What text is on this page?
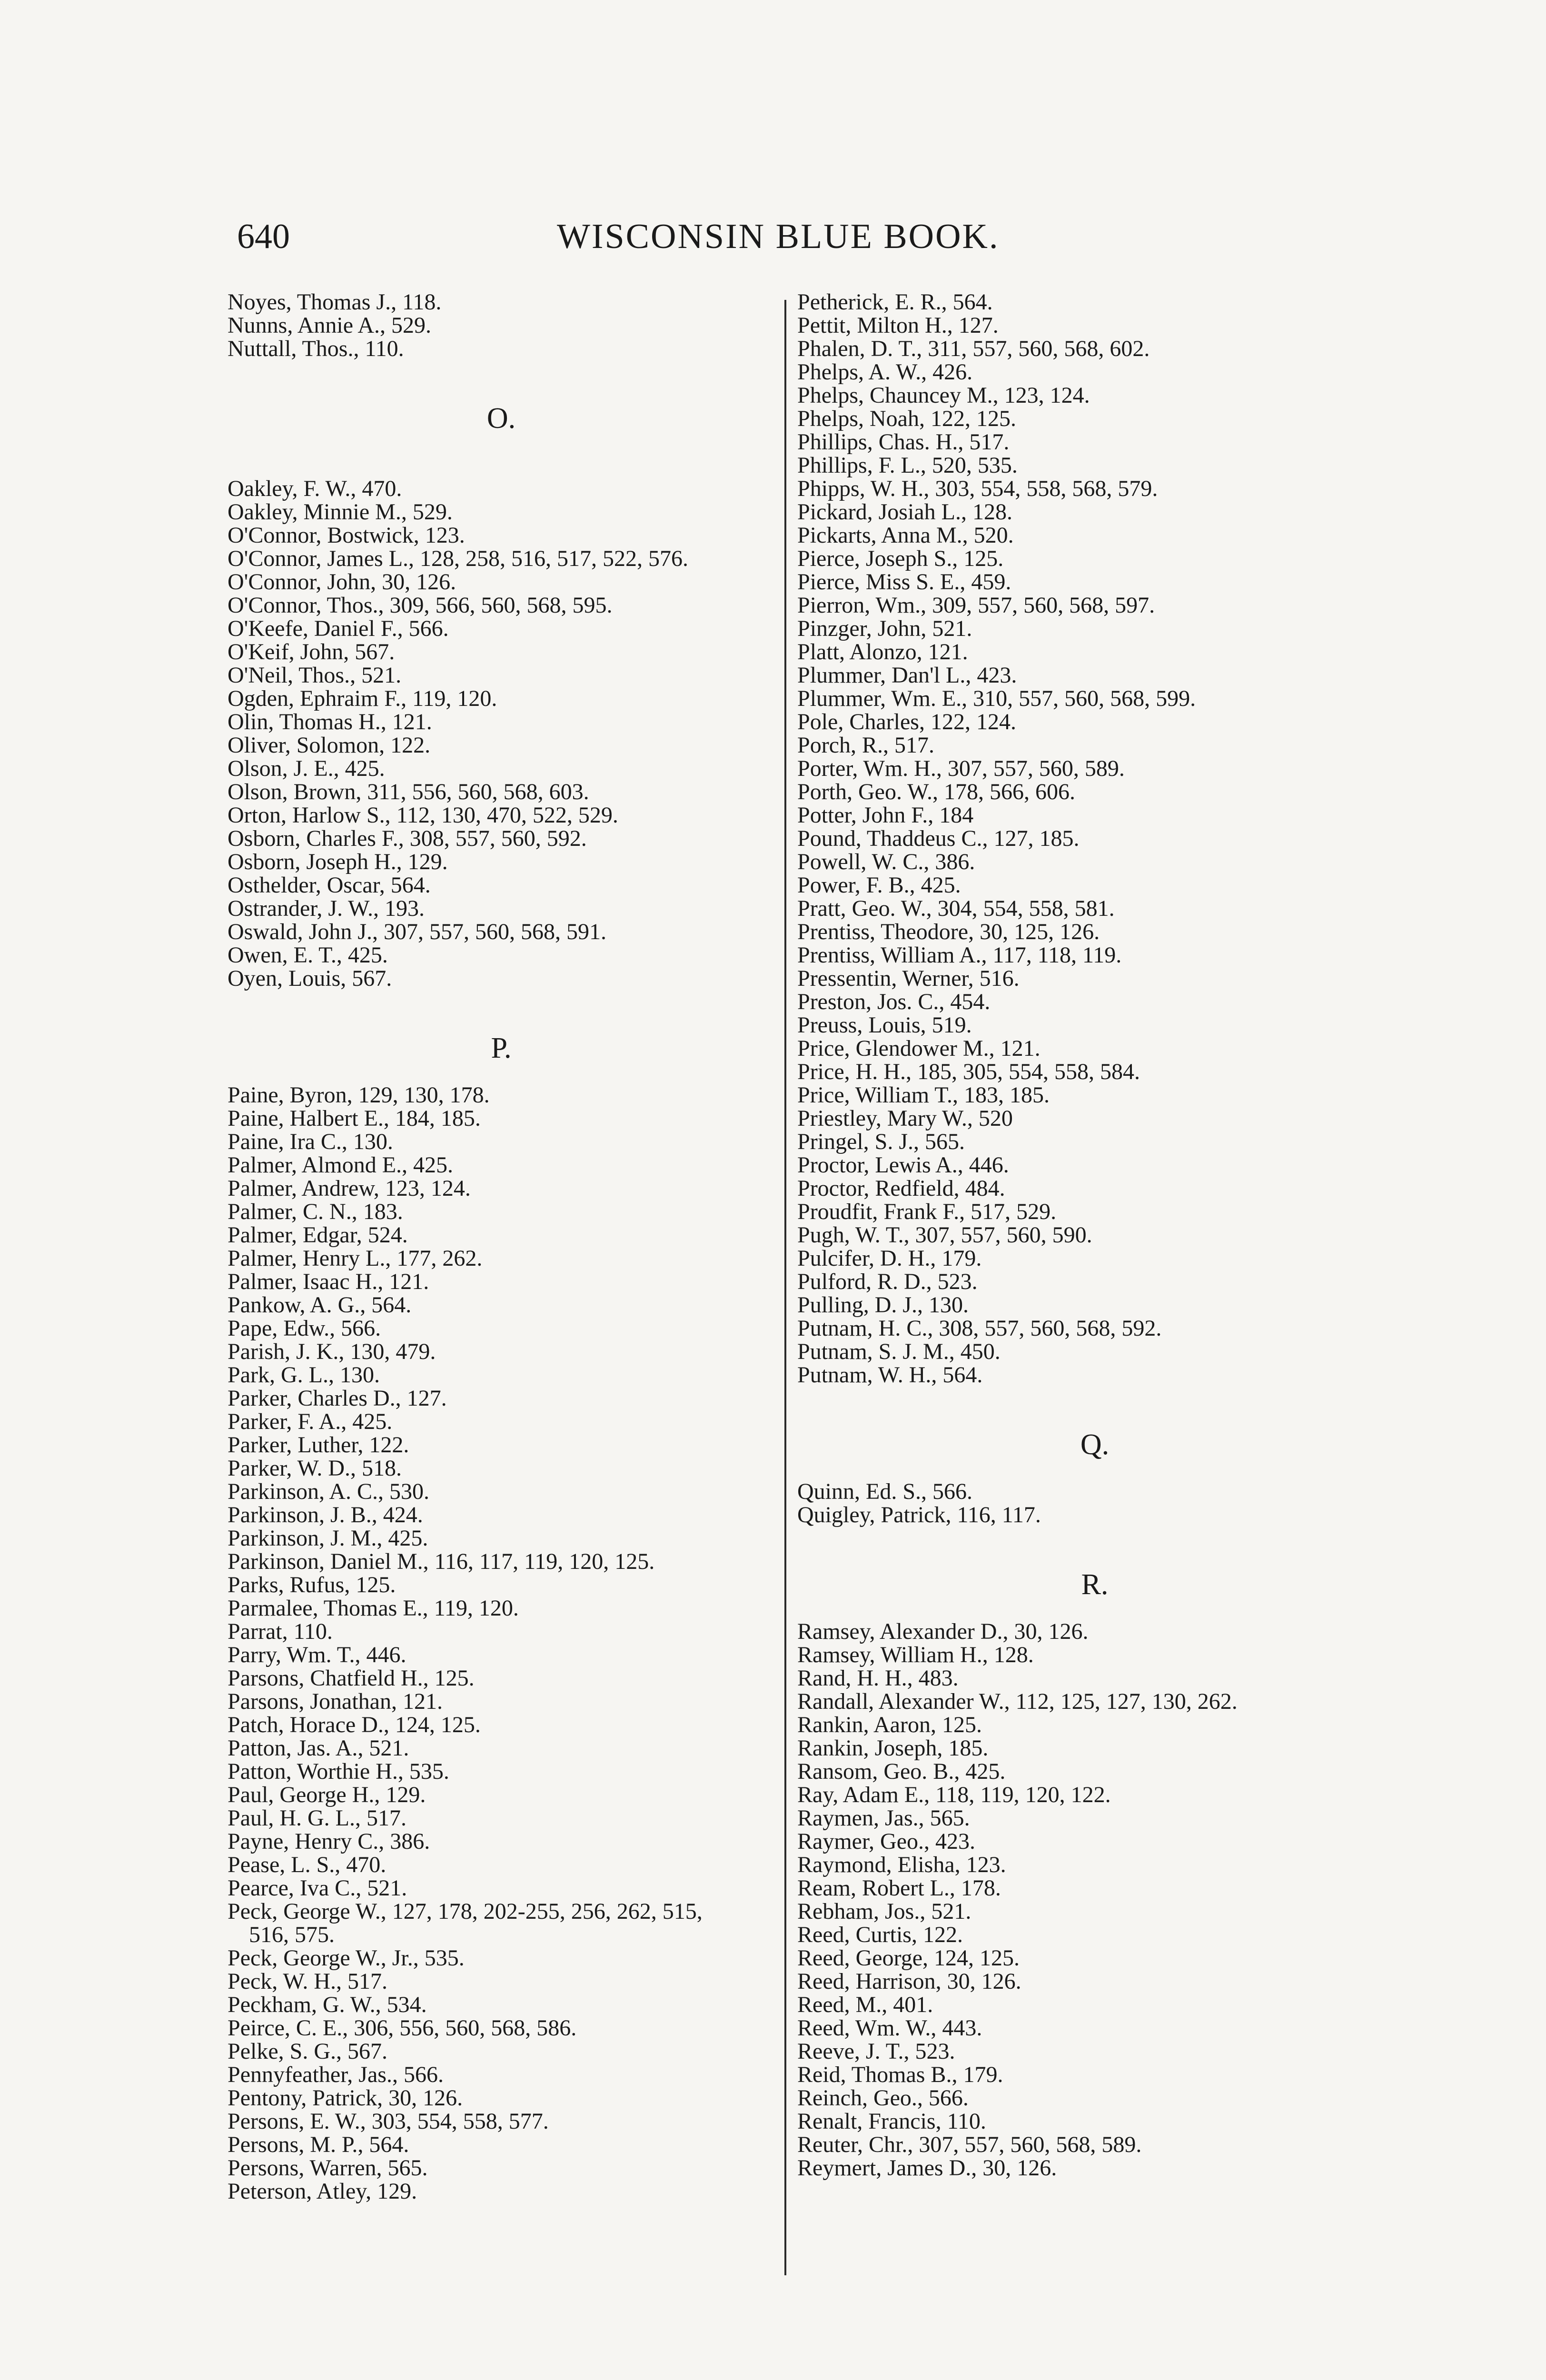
640	WISCONSIN BLUE BOOK.
Noyes, Thomas J., 118.
Nunns, Annie A., 529.
Nuttall, Thos., 110.
O.
Oakley, F. W., 470.
Oakley, Minnie M., 529.
O'Connor, Bostwick, 123.
O'Connor, James L., 128, 258, 516, 517, 522, 576.
O'Connor, John, 30, 126.
O'Connor, Thos., 309, 566, 560, 568, 595.
O'Keefe, Daniel F., 566.
O'Keif, John, 567.
O'Neil, Thos., 521.
Ogden, Ephraim F., 119, 120.
Olin, Thomas H., 121.
Oliver, Solomon, 122.
Olson, J. E., 425.
Olson, Brown, 311, 556, 560, 568, 603.
Orton, Harlow S., 112, 130, 470, 522, 529.
Osborn, Charles F., 308, 557, 560, 592.
Osborn, Joseph H., 129.
Osthelder, Oscar, 564.
Ostrander, J. W., 193.
Oswald, John J., 307, 557, 560, 568, 591.
Owen, E. T., 425.
Oyen, Louis, 567.
P.
Paine, Byron, 129, 130, 178.
Paine, Halbert E., 184, 185.
Paine, Ira C., 130.
Palmer, Almond E., 425.
Palmer, Andrew, 123, 124.
Palmer, C. N., 183.
Palmer, Edgar, 524.
Palmer, Henry L., 177, 262.
Palmer, Isaac H., 121.
Pankow, A. G., 564.
Pape, Edw., 566.
Parish, J. K., 130, 479.
Park, G. L., 130.
Parker, Charles D., 127.
Parker, F. A., 425.
Parker, Luther, 122.
Parker, W. D., 518.
Parkinson, A. C., 530.
Parkinson, J. B., 424.
Parkinson, J. M., 425.
Parkinson, Daniel M., 116, 117, 119, 120, 125.
Parks, Rufus, 125.
Parmalee, Thomas E., 119, 120.
Parrat, 110.
Parry, Wm. T., 446.
Parsons, Chatfield H., 125.
Parsons, Jonathan, 121.
Patch, Horace D., 124, 125.
Patton, Jas. A., 521.
Patton, Worthie H., 535.
Paul, George H., 129.
Paul, H. G. L., 517.
Payne, Henry C., 386.
Pease, L. S., 470.
Pearce, Iva C., 521.
Peck, George W., 127, 178, 202-255, 256, 262, 515,
516, 575.
Peck, George W., Jr., 535.
Peck, W. H., 517.
Peckham, G. W., 534.
Peirce, C. E., 306, 556, 560, 568, 586.
Pelke, S. G., 567.
Pennyfeather, Jas., 566.
Pentony, Patrick, 30, 126.
Persons, E. W., 303, 554, 558, 577.
Persons, M. P., 564.
Persons, Warren, 565.
Peterson, Atley, 129.
Petherick, E. R., 564.
Pettit, Milton H., 127.
Phalen, D. T., 311, 557, 560, 568, 602.
Phelps, A. W., 426.
Phelps, Chauncey M., 123, 124.
Phelps, Noah, 122, 125.
Phillips, Chas. H., 517.
Phillips, F. L., 520, 535.
Phipps, W. H., 303, 554, 558, 568, 579.
Pickard, Josiah L., 128.
Pickarts, Anna M., 520.
Pierce, Joseph S., 125.
Pierce, Miss S. E., 459.
Pierron, Wm., 309, 557, 560, 568, 597.
Pinzger, John, 521.
Platt, Alonzo, 121.
Plummer, Dan'l L., 423.
Plummer, Wm. E., 310, 557, 560, 568, 599.
Pole, Charles, 122, 124.
Porch, R., 517.
Porter, Wm. H., 307, 557, 560, 589.
Porth, Geo. W., 178, 566, 606.
Potter, John F., 184
Pound, Thaddeus C., 127, 185.
Powell, W. C., 386.
Power, F. B., 425.
Pratt, Geo. W., 304, 554, 558, 581.
Prentiss, Theodore, 30, 125, 126.
Prentiss, William A., 117, 118, 119.
Pressentin, Werner, 516.
Preston, Jos. C., 454.
Preuss, Louis, 519.
Price, Glendower M., 121.
Price, H. H., 185, 305, 554, 558, 584.
Price, William T., 183, 185.
Priestley, Mary W., 520
Pringel, S. J., 565.
Proctor, Lewis A., 446.
Proctor, Redfield, 484.
Proudfit, Frank F., 517, 529.
Pugh, W. T., 307, 557, 560, 590.
Pulcifer, D. H., 179.
Pulford, R. D., 523.
Pulling, D. J., 130.
Putnam, H. C., 308, 557, 560, 568, 592.
Putnam, S. J. M., 450.
Putnam, W. H., 564.
Q.
Quinn, Ed. S., 566.
Quigley, Patrick, 116, 117.
R.
Ramsey, Alexander D., 30, 126.
Ramsey, William H., 128.
Rand, H. H., 483.
Randall, Alexander W., 112, 125, 127, 130, 262.
Rankin, Aaron, 125.
Rankin, Joseph, 185.
Ransom, Geo. B., 425.
Ray, Adam E., 118, 119, 120, 122.
Raymen, Jas., 565.
Raymer, Geo., 423.
Raymond, Elisha, 123.
Ream, Robert L., 178.
Rebham, Jos., 521.
Reed, Curtis, 122.
Reed, George, 124, 125.
Reed, Harrison, 30, 126.
Reed, M., 401.
Reed, Wm. W., 443.
Reeve, J. T., 523.
Reid, Thomas B., 179.
Reinch, Geo., 566.
Renalt, Francis, 110.
Reuter, Chr., 307, 557, 560, 568, 589.
Reymert, James D., 30, 126.
